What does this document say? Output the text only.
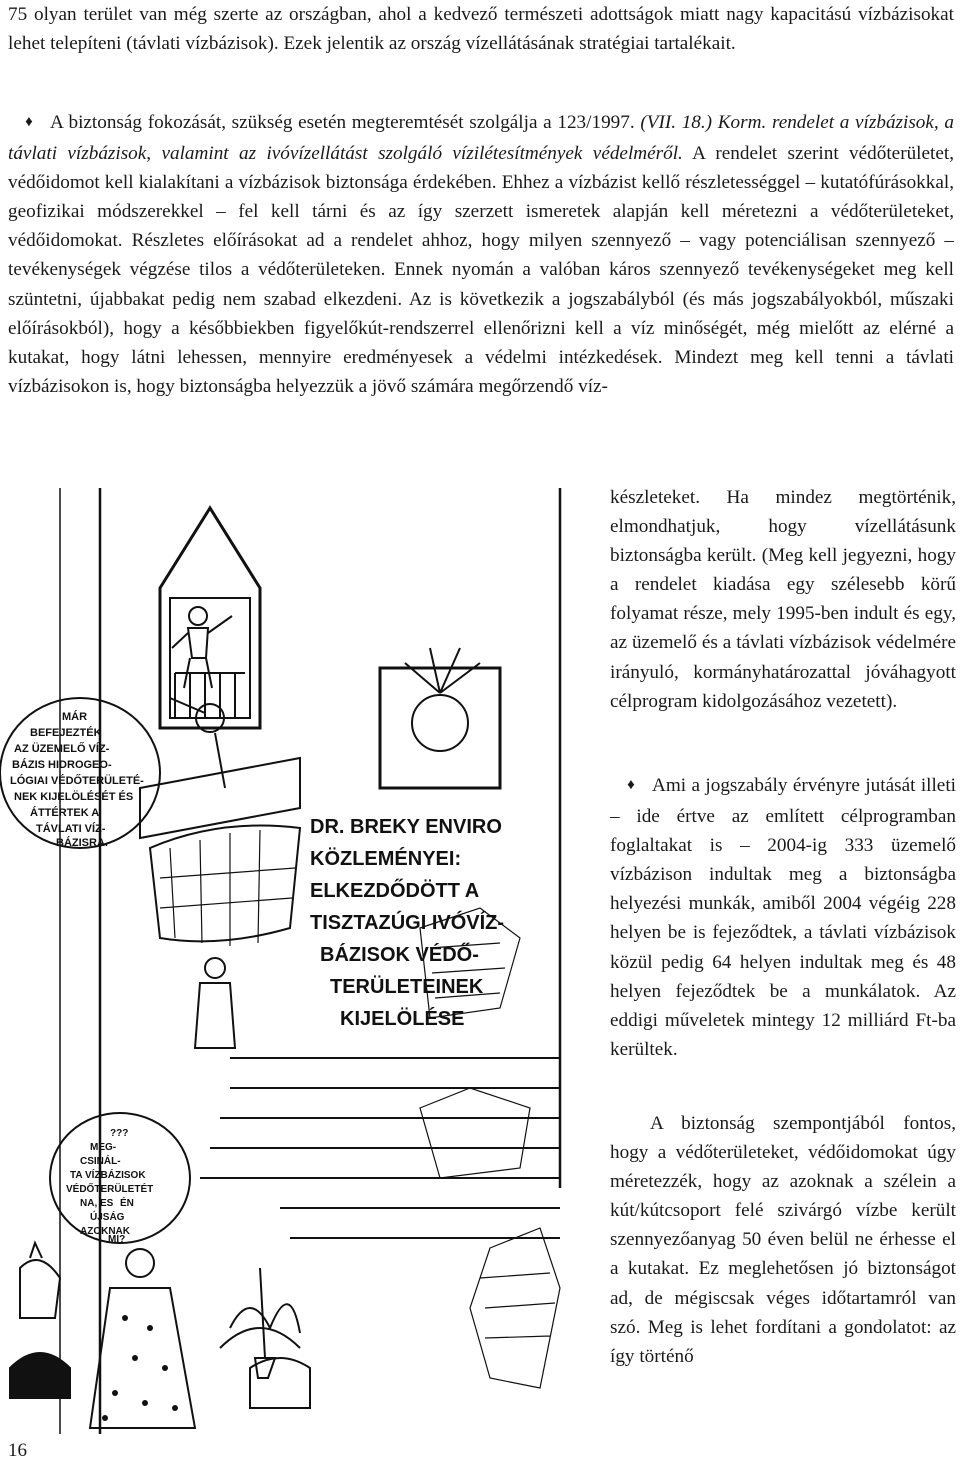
75 olyan terület van még szerte az országban, ahol a kedvező természeti adottságok miatt nagy kapacitású vízbázisokat lehet telepíteni (távlati vízbázisok). Ezek jelentik az ország vízellátásának stratégiai tartalékait.
♦ A biztonság fokozását, szükség esetén megteremtését szolgálja a 123/1997. (VII. 18.) Korm. rendelet a vízbázisok, a távlati vízbázisok, valamint az ivóvízellátást szolgáló vízilétesítmények védelméről. A rendelet szerint védőterületet, védőidomot kell kialakítani a vízbázisok biztonsága érdekében. Ehhez a vízbázist kellő részletességgel – kutatófúrásokkal, geofizikai módszerekkel – fel kell tárni és az így szerzett ismeretek alapján kell méretezni a védőterületeket, védőidomokat. Részletes előírásokat ad a rendelet ahhoz, hogy milyen szennyező – vagy potenciálisan szennyező – tevékenységek végzése tilos a védőterületeken. Ennek nyomán a valóban káros szennyező tevékenységeket meg kell szüntetni, újabbakat pedig nem szabad elkezdeni. Az is következik a jogszabályból (és más jogszabályokból, műszaki előírásokból), hogy a későbbiekben figyelőkút-rendszerrel ellenőrizni kell a víz minőségét, még mielőtt az elérné a kutakat, hogy látni lehessen, mennyire eredményesek a védelmi intézkedések. Mindezt meg kell tenni a távlati vízbázisokon is, hogy biztonságba helyezzük a jövő számára megőrzendő víz-
készleteket. Ha mindez megtörténik, elmondhatjuk, hogy vízellátásunk biztonságba került. (Meg kell jegyezni, hogy a rendelet kiadása egy szélesebb körű folyamat része, mely 1995-ben indult és egy, az üzemelő és a távlati vízbázisok védelmére irányuló, kormányhatározattal jóváhagyott célprogram kidolgozásához vezetett).
♦ Ami a jogszabály érvényre jutását illeti – ide értve az említett célprogramban foglaltakat is – 2004-ig 333 üzemelő vízbázison indultak meg a biztonságba helyezési munkák, amiből 2004 végéig 228 helyen be is fejeződtek, a távlati vízbázisok közül pedig 64 helyen indultak meg és 48 helyen fejeződtek be a munkálatok. Az eddigi műveletek mintegy 12 milliárd Ft-ba kerültek.
A biztonság szempontjából fontos, hogy a védőterületeket, védőidomokat úgy méretezzék, hogy az azoknak a szélein a kút/kútcsoport felé szivárgó vízbe került szennyezőanyag 50 éven belül ne érhesse el a kutakat. Ez meglehetősen jó biztonságot ad, de mégiscsak véges időtartamról van szó. Meg is lehet fordítani a gondolatot: az így történő
DR. BREKY ENVIRO
KÖZLEMÉNYEI:
ELKEZDŐDÖTT A
TISZTAZÚGI IVÓVÍZ-
BÁZISOK VÉDŐ-
TERÜLETEINEK
KIJELÖLÉSE
MÁR
BEFEJEZTÉK
AZ ÜZEMELŐ VÍZ-
BÁZIS HIDROGEO-
LÓGIAI VÉDŐTERÜLETÉ-
NEK KIJELÖLÉSÉT ÉS
ÁTTÉRTEK A
TÁVLATI VÍZ-
BÁZISRA.
???
MEG-
CSINÁL-
TA VÍZBÁZISOK
VÉDŐTERÜLETÉT
NA, ES ÉN
ÚJSÁG
AZOKNAK
MI?
16
